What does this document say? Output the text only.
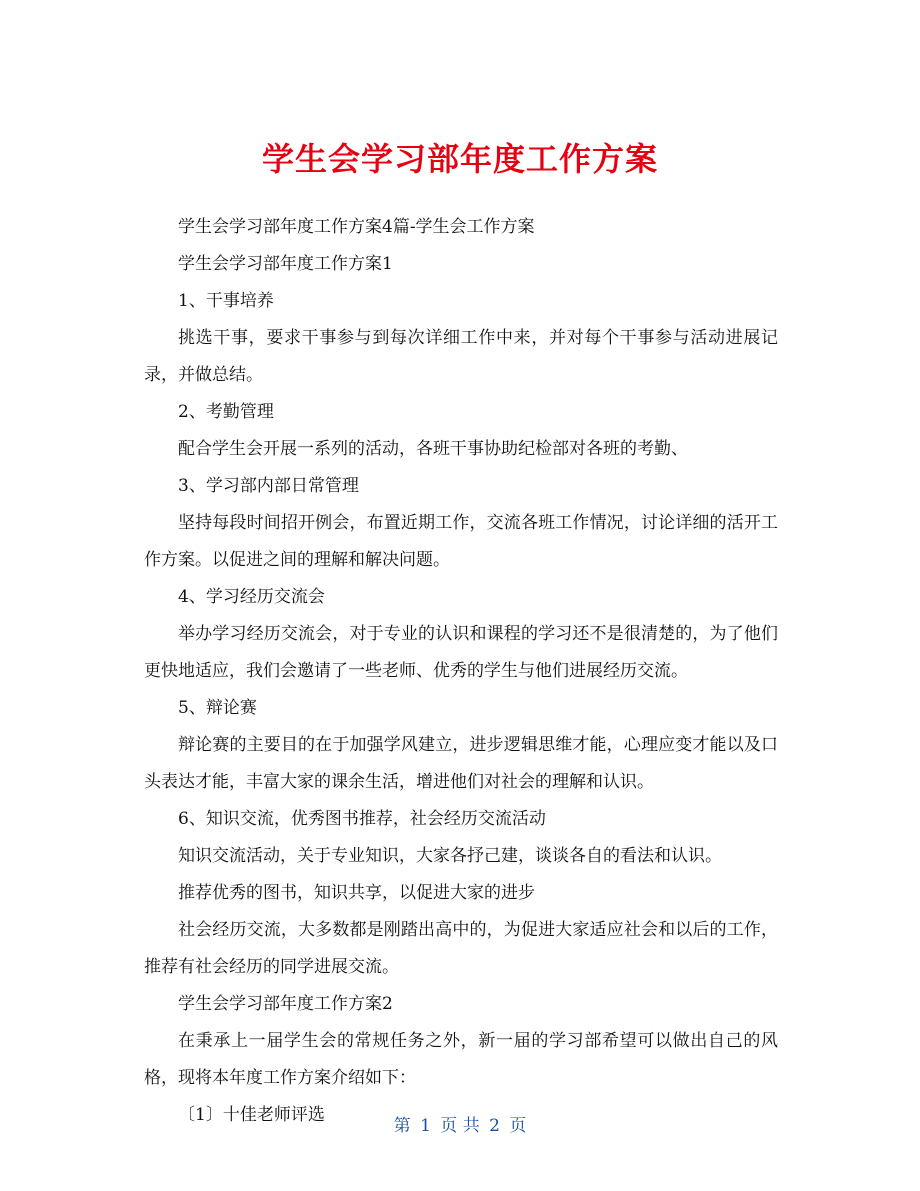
学生会学习部年度工作方案

学生会学习部年度工作方案4篇-学生会工作方案

学生会学习部年度工作方案1

1、干事培养

挑选干事，要求干事参与到每次详细工作中来，并对每个干事参与活动进展记录，并做总结。

2、考勤管理

配合学生会开展一系列的活动，各班干事协助纪检部对各班的考勤、

3、学习部内部日常管理

坚持每段时间招开例会，布置近期工作，交流各班工作情况，讨论详细的活开工作方案。以促进之间的理解和解决问题。

4、学习经历交流会

举办学习经历交流会，对于专业的认识和课程的学习还不是很清楚的，为了他们更快地适应，我们会邀请了一些老师、优秀的学生与他们进展经历交流。

5、辩论赛

辩论赛的主要目的在于加强学风建立，进步逻辑思维才能，心理应变才能以及口头表达才能，丰富大家的课余生活，增进他们对社会的理解和认识。

6、知识交流，优秀图书推荐，社会经历交流活动

知识交流活动，关于专业知识，大家各抒己建，谈谈各自的看法和认识。

推荐优秀的图书，知识共享，以促进大家的进步

社会经历交流，大多数都是刚踏出高中的，为促进大家适应社会和以后的工作，推荐有社会经历的同学进展交流。

学生会学习部年度工作方案2

在秉承上一届学生会的常规任务之外，新一届的学习部希望可以做出自己的风格，现将本年度工作方案介绍如下：

〔1〕十佳老师评选

第 1 页 共 2 页
